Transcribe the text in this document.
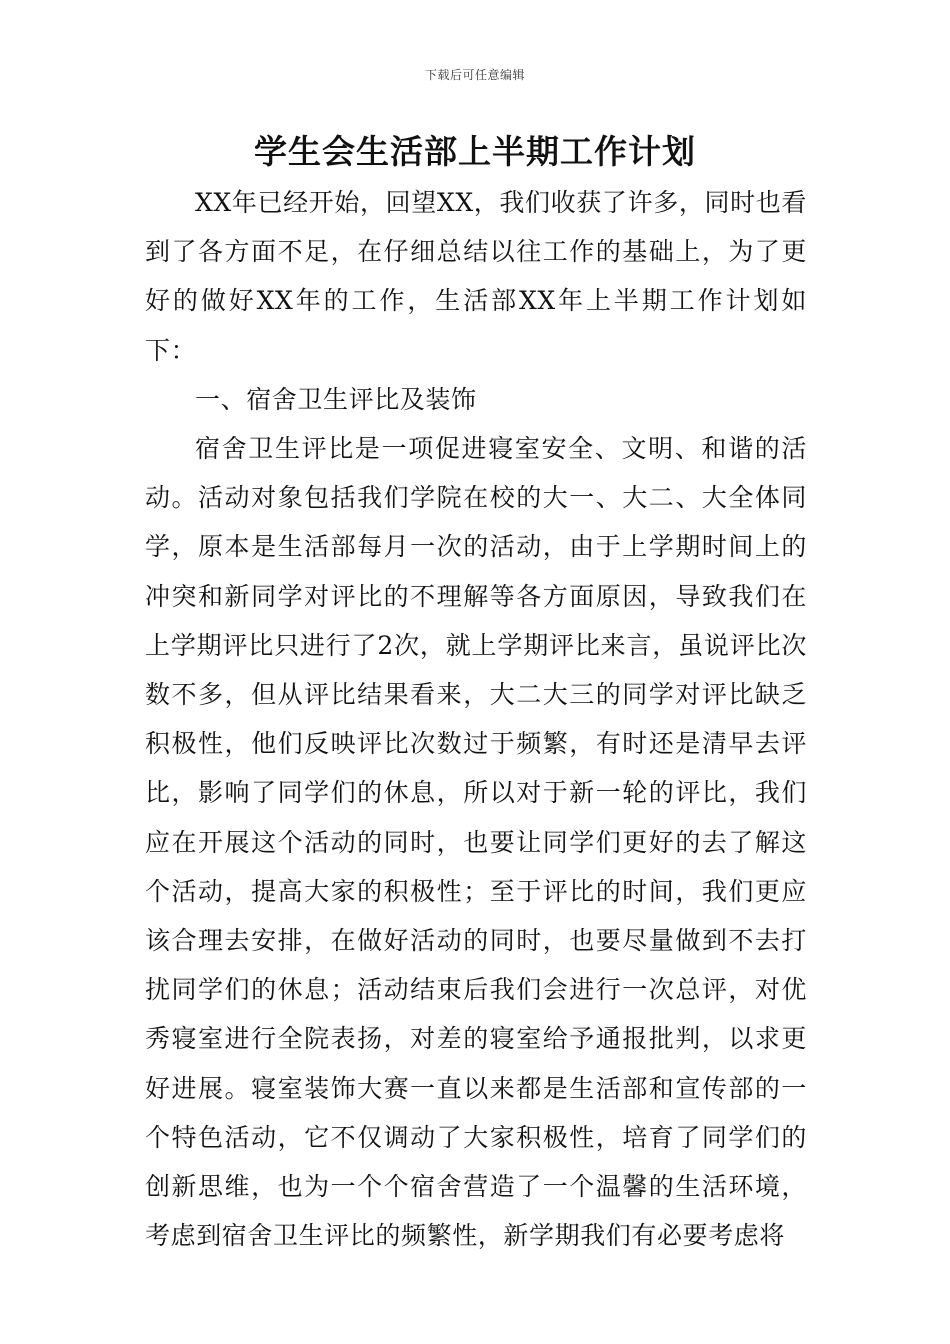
下载后可任意编辑
学生会生活部上半期工作计划

XX年已经开始，回望XX，我们收获了许多，同时也看到了各方面不足，在仔细总结以往工作的基础上，为了更好的做好XX年的工作，生活部XX年上半期工作计划如下：

一、宿舍卫生评比及装饰

宿舍卫生评比是一项促进寝室安全、文明、和谐的活动。活动对象包括我们学院在校的大一、大二、大全体同学，原本是生活部每月一次的活动，由于上学期时间上的冲突和新同学对评比的不理解等各方面原因，导致我们在上学期评比只进行了2次，就上学期评比来言，虽说评比次数不多，但从评比结果看来，大二大三的同学对评比缺乏积极性，他们反映评比次数过于频繁，有时还是清早去评比，影响了同学们的休息，所以对于新一轮的评比，我们应在开展这个活动的同时，也要让同学们更好的去了解这个活动，提高大家的积极性；至于评比的时间，我们更应该合理去安排，在做好活动的同时，也要尽量做到不去打扰同学们的休息；活动结束后我们会进行一次总评，对优秀寝室进行全院表扬，对差的寝室给予通报批判，以求更好进展。寝室装饰大赛一直以来都是生活部和宣传部的一个特色活动，它不仅调动了大家积极性，培育了同学们的创新思维，也为一个个宿舍营造了一个温馨的生活环境，考虑到宿舍卫生评比的频繁性，新学期我们有必要考虑将
